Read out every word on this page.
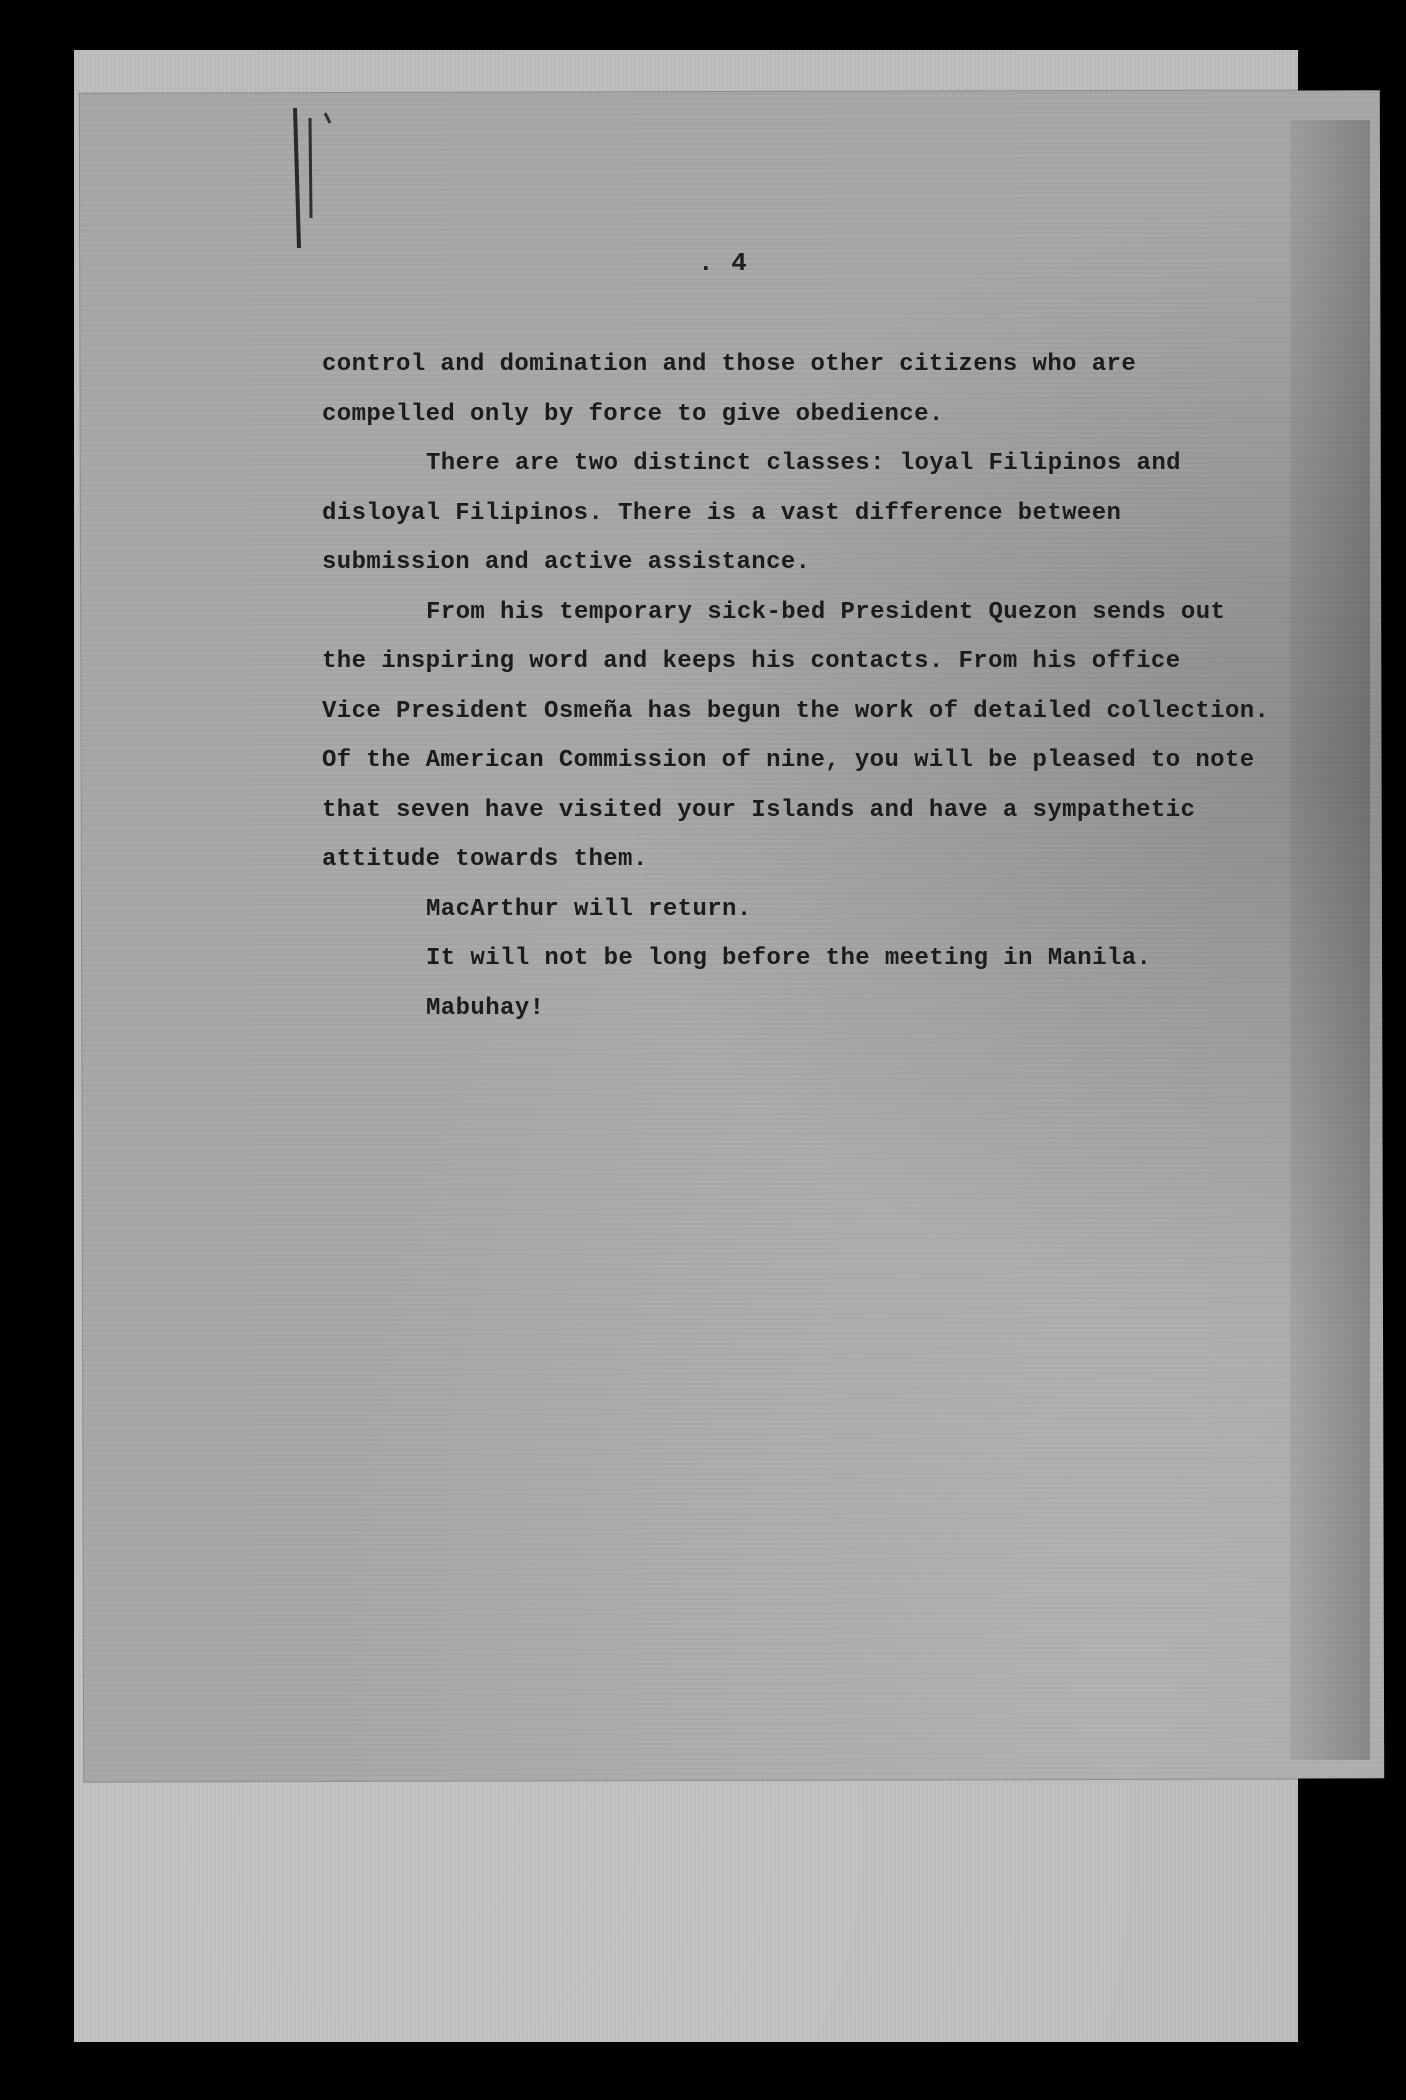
. 4

control and domination and those other citizens who are

compelled only by force to give obedience.

There are two distinct classes: loyal Filipinos and

disloyal Filipinos. There is a vast difference between

submission and active assistance.

From his temporary sick-bed President Quezon sends out

the inspiring word and keeps his contacts. From his office

Vice President Osmeña has begun the work of detailed collection.

Of the American Commission of nine, you will be pleased to note

that seven have visited your Islands and have a sympathetic

attitude towards them.

MacArthur will return.

It will not be long before the meeting in Manila.

Mabuhay!
